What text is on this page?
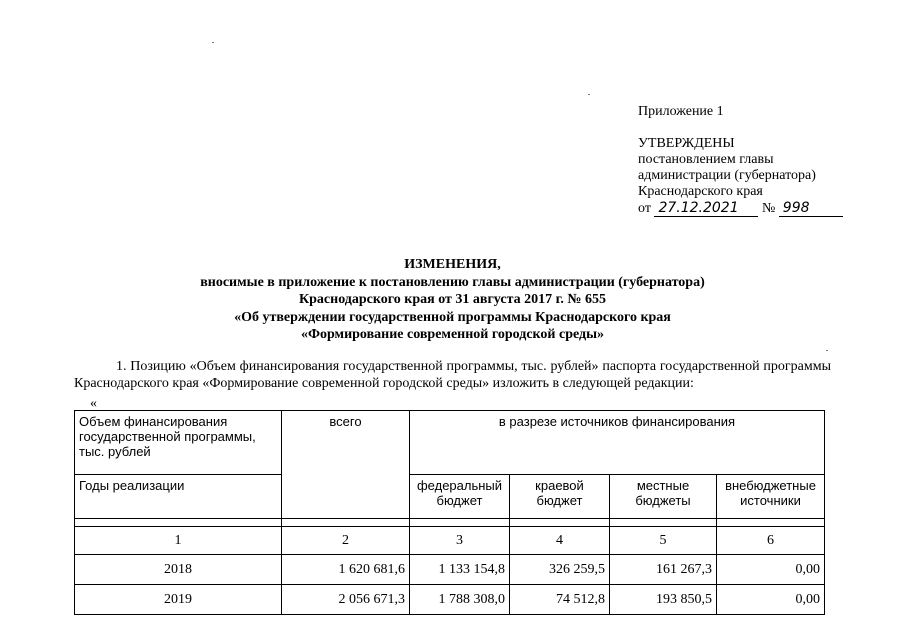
Приложение 1
УТВЕРЖДЕНЫ
постановлением главы
администрации (губернатора)
Краснодарского края
от 27.12.2021 № 998
ИЗМЕНЕНИЯ,
вносимые в приложение к постановлению главы администрации (губернатора)
Краснодарского края от 31 августа 2017 г. № 655
«Об утверждении государственной программы Краснодарского края
«Формирование современной городской среды»
1. Позицию «Объем финансирования государственной программы, тыс. рублей» паспорта государственной программы Краснодарского края «Формирование современной городской среды» изложить в следующей редакции:
«
Объем финансирования государственной программы, тыс. рублей	всего	в разрезе источников финансирования			
Годы реализации		федеральный бюджет	краевой бюджет	местные бюджеты	внебюджетные источники

1	2	3	4	5	6
2018	1 620 681,6	1 133 154,8	326 259,5	161 267,3	0,00
2019	2 056 671,3	1 788 308,0	74 512,8	193 850,5	0,00
